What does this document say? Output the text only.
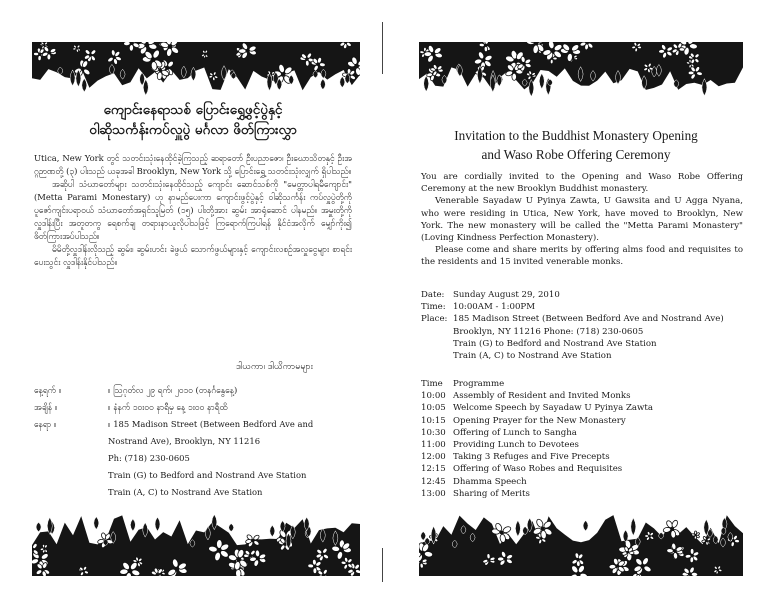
ကျောင်းနေရာသစ် ပြောင်းရွှေ့ဖွင့်ပွဲနှင့်
ဝါဆိုသင်္ကန်းကပ်လှူပွဲ မင်္ဂလာ ဖိတ်ကြားလွှာ

Utica, New York တွင် သတင်းသုံးနေထိုင်ခဲ့ကြသည့် ဆရာတော် ဦးပညာဇော၊ ဦးဃောသိတနှင့် ဦးအဂ္ဂဉာဏတို့ (၃) ပါးသည် ယခုအခါ Brooklyn, New York သို့ ပြောင်းရွှေ့ သတင်းသုံးလျှက် ရှိပါသည်။

အဆိုပါ သံဃာတော်များ သတင်းသုံးနေထိုင်သည့် ကျောင်း ဆောင်သစ်ကို "မေတ္တာပါရမီကျောင်း" (Metta Parami Monestary) ဟု နာမည်ပေးကာ ကျောင်းဖွင့်ပွဲနှင့် ဝါဆိုသင်္ကန်း ကပ်လှူပွဲတို့ကို ပူဇော်ကျင်းပရာဝယ် သံဃာတော်အရှင်သူမြတ် (၁၅) ပါးတို့အား ဆွမ်း အာရုံဆောင် ပါနမည်။ အမှူးတို့ကို လှူဒါန်းပြီး အတူတကွ ရေစက်ချ တရားနာယူလိုပါသဖြင့် ကြရောက်ကြပါရန် နိုင်ငံအလိုက် မျှော်ကိုး၍ ဖိတ်ကြားအပ်ပါသည်။

မိမိတို့လှူဒါန်းလိုသည့် ဆွမ်း၊ ဆွမ်းဟင်း ခဲဖွယ် သောက်ဖွယ်များနှင့် ကျောင်းလစဉ်အလှူငွေများ စာရင်းပေးသွင်း လှူဒါန်းနိုင်ပါသည်။

ဒါယကာ၊ ဒါယိကာမများ
နေ့ရက် ။	။ ဩဂုတ်လ ၂၉ ရက်၊ ၂၀၁၀ (တနင်္ဂနွေနေ့)
အချိန် ။	။ နံနက် ၁၀း၀၀ နာရီမှ နေ့ ၁း၀၀ နာရီထိ
နေရာ ။	။ 185 Madison Street (Between Bedford Ave and
Nostrand Ave), Brooklyn, NY 11216
Ph: (718) 230-0605
Train (G) to Bedford and Nostrand Ave Station
Train (A, C) to Nostrand Ave Station
Invitation to the Buddhist Monastery Opening
and Waso Robe Offering Ceremony

You are cordially invited to the Opening and Waso Robe Offering Ceremony at the new Brooklyn Buddhist monastery.

Venerable Sayadaw U Pyinya Zawta, U Gawsita and U Agga Nyana, who were residing in Utica, New York, have moved to Brooklyn, New York. The new monastery will be called the "Metta Parami Monastery" (Loving Kindness Perfection Monastery).

Please come and share merits by offering alms food and requisites to the residents and 15 invited venerable monks.

Date: Sunday August 29, 2010
Time: 10:00AM - 1:00PM
Place: 185 Madison Street (Between Bedford Ave and Nostrand Ave)
Brooklyn, NY 11216 Phone: (718) 230-0605
Train (G) to Bedford and Nostrand Ave Station
Train (A, C) to Nostrand Ave Station
Time	Programme
10:00 Assembly of Resident and Invited Monks
10:05 Welcome Speech by Sayadaw U Pyinya Zawta
10:15 Opening Prayer for the New Monastery
10:30 Offering of Lunch to Sangha
11:00 Providing Lunch to Devotees
12:00 Taking 3 Refuges and Five Precepts
12:15 Offering of Waso Robes and Requisites
12:45 Dhamma Speech
13:00 Sharing of Merits
